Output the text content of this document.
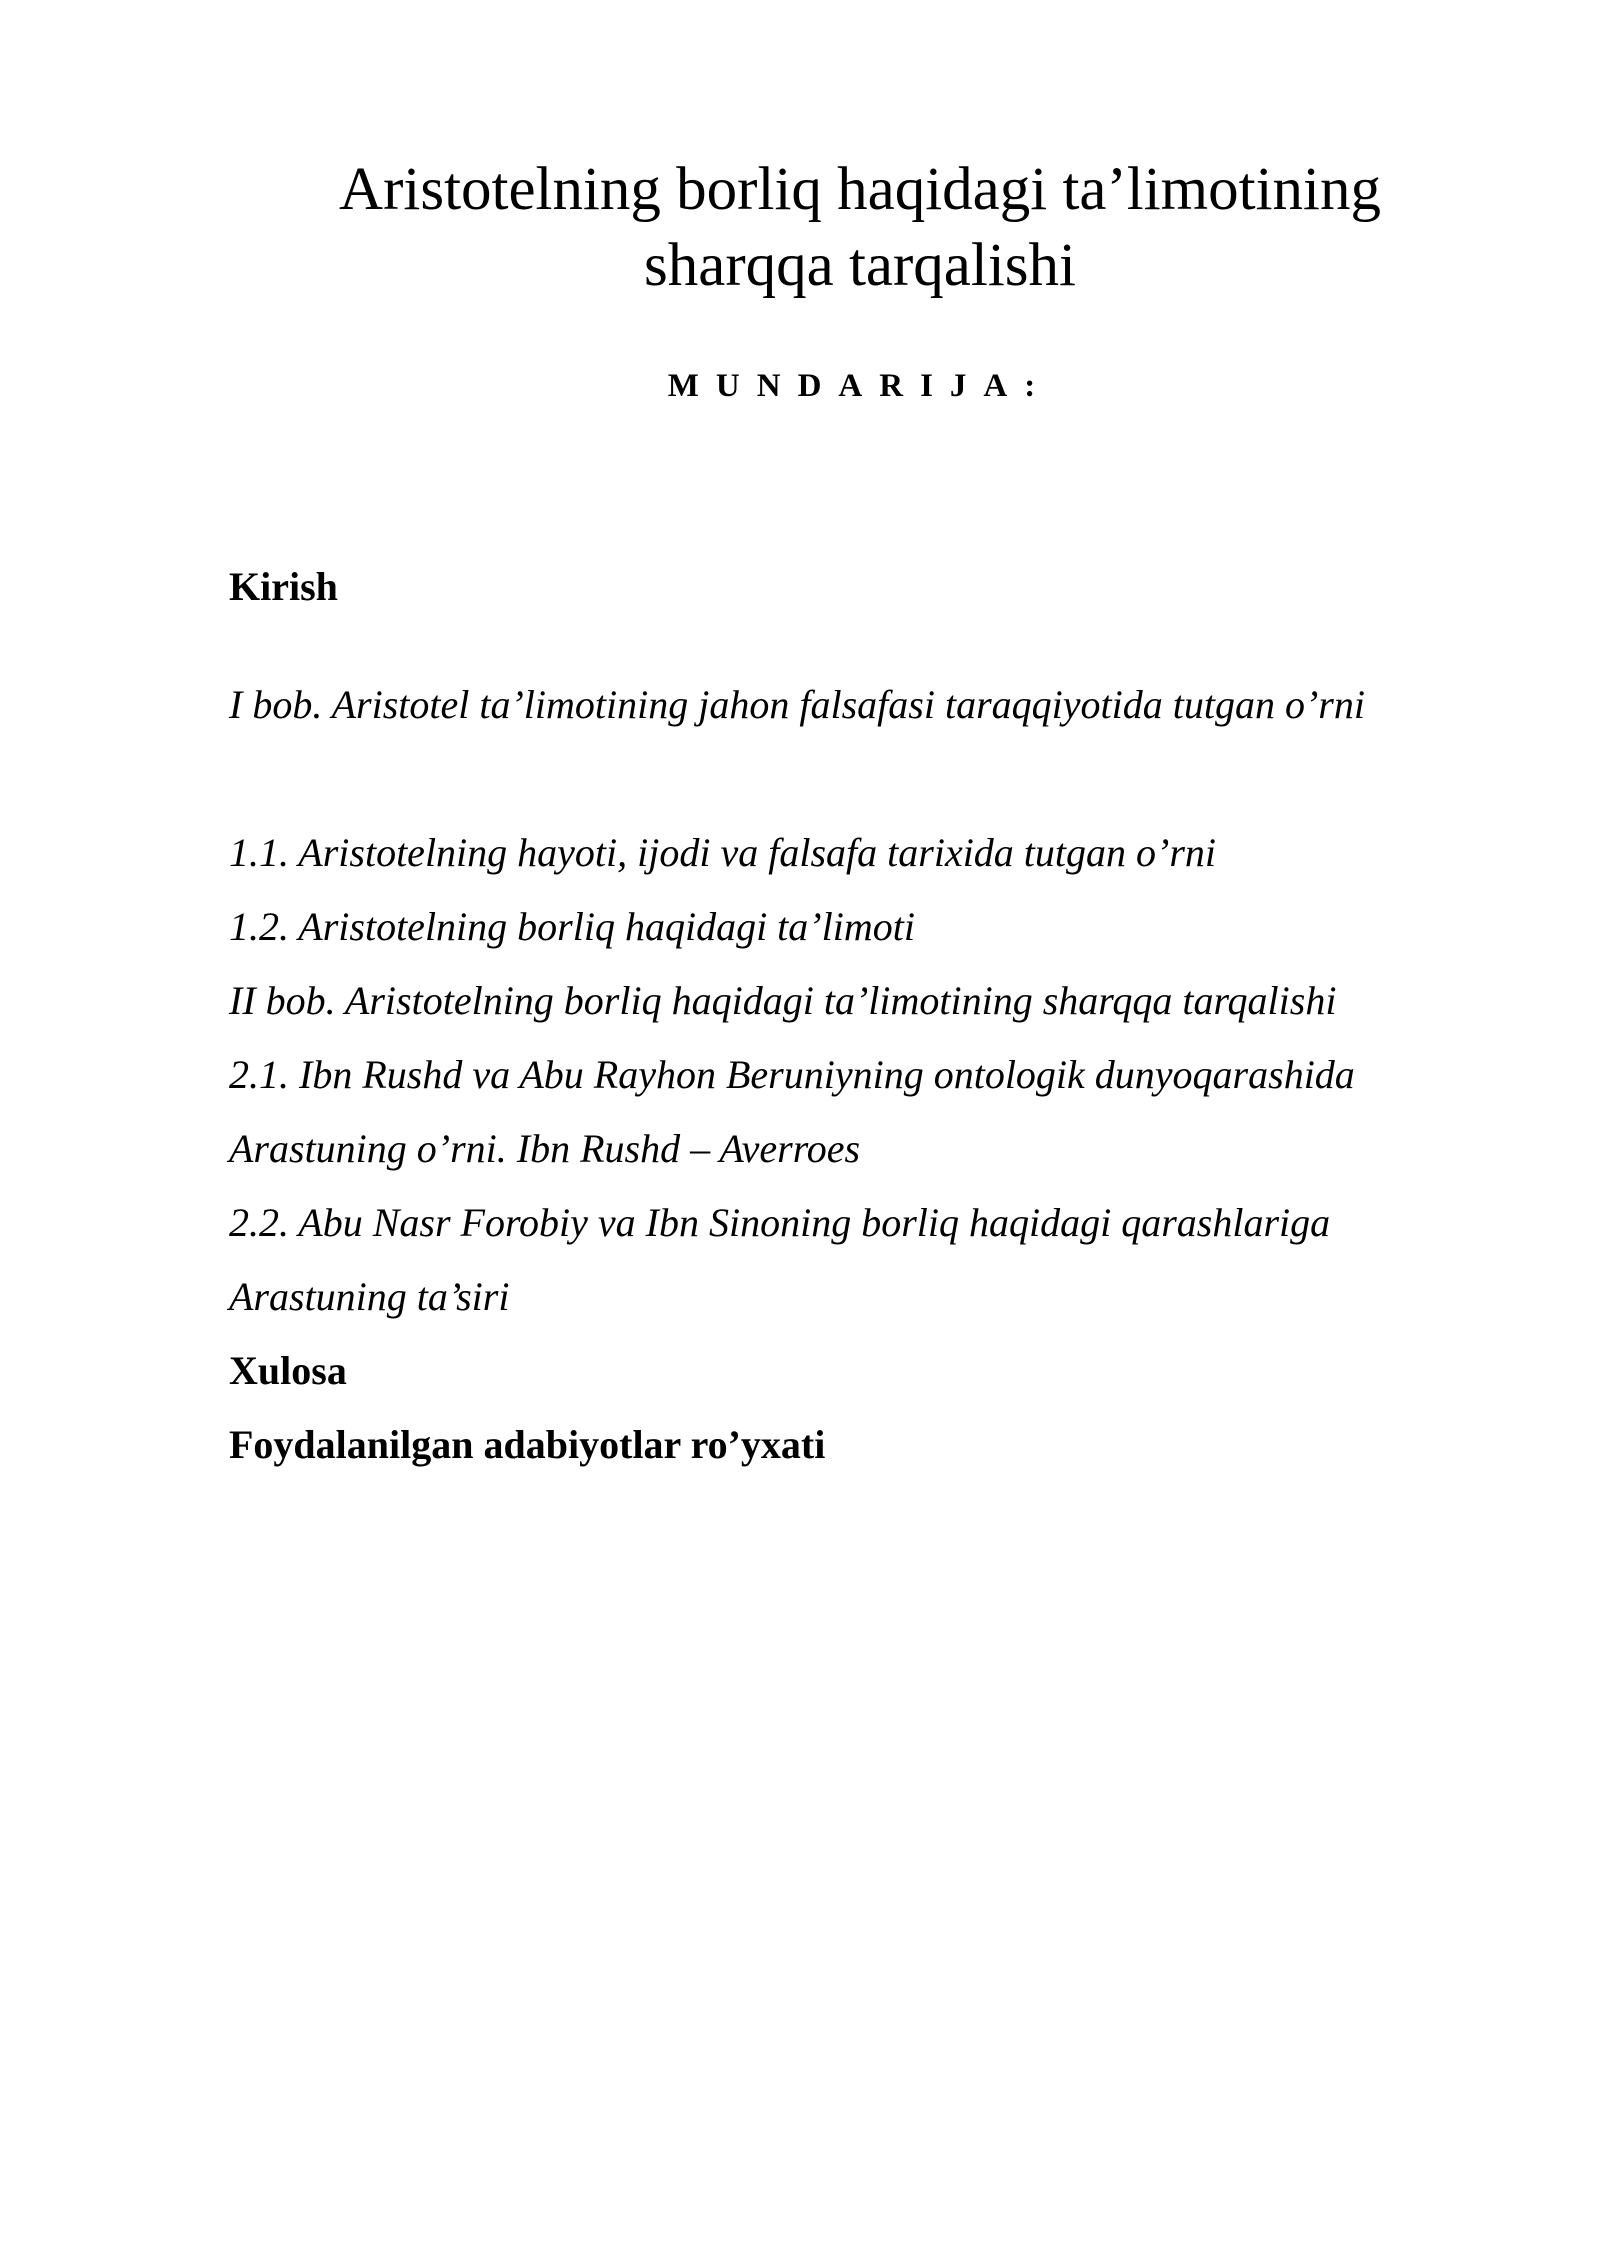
Aristotelning borliq haqidagi ta’limotining
sharqqa tarqalishi
MUNDARIJA:

Kirish

I bob. Aristotel ta’limotining jahon falsafasi taraqqiyotida tutgan o’rni

1.1. Aristotelning hayoti, ijodi va falsafa tarixida tutgan o’rni

1.2. Aristotelning borliq haqidagi ta’limoti

II bob. Aristotelning borliq haqidagi ta’limotining sharqqa tarqalishi

2.1. Ibn Rushd va Abu Rayhon Beruniyning ontologik dunyoqarashida

Arastuning o’rni. Ibn Rushd – Averroes

2.2. Abu Nasr Forobiy va Ibn Sinoning borliq haqidagi qarashlariga

Arastuning ta’siri

Xulosa

Foydalanilgan adabiyotlar ro’yxati
